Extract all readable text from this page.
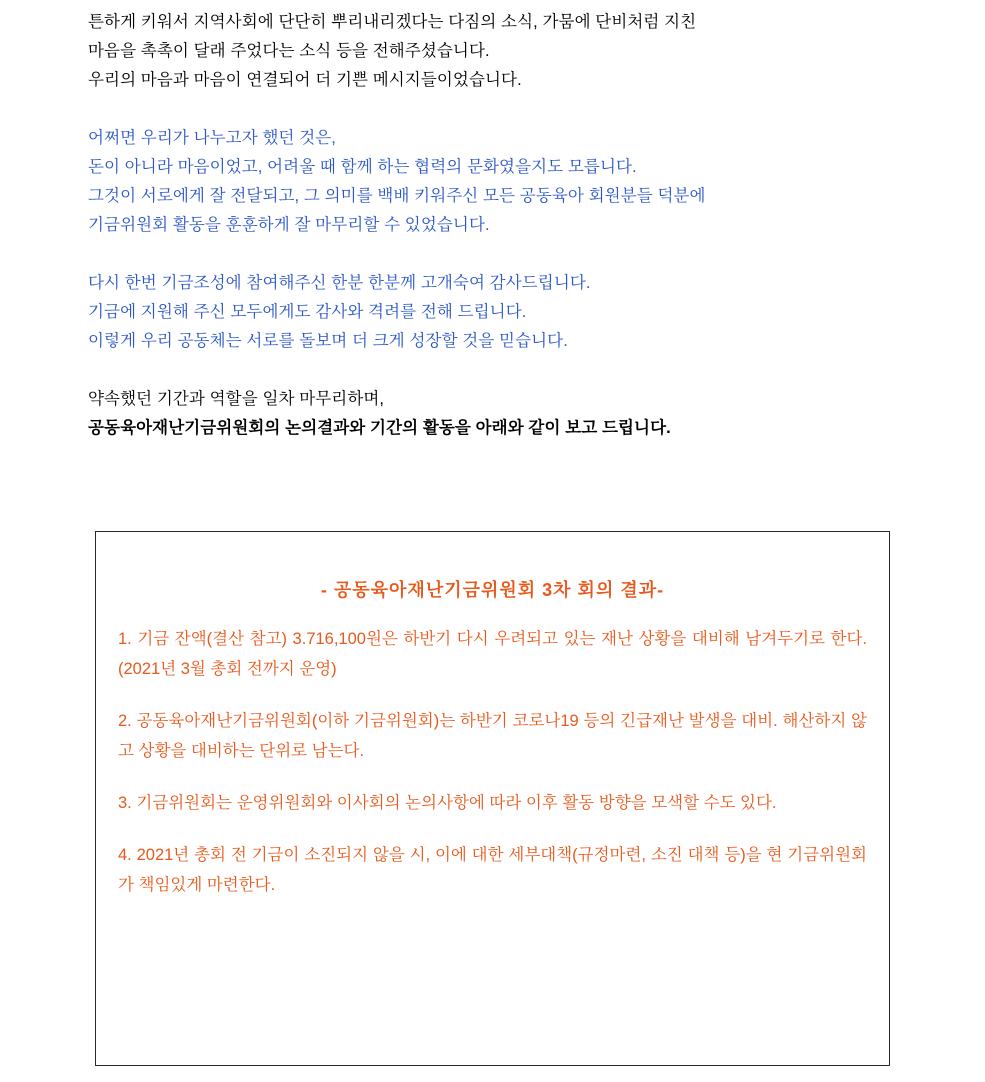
튼하게 키워서 지역사회에 단단히 뿌리내리겠다는 다짐의 소식, 가뭄에 단비처럼 지친

마음을 촉촉이 달래 주었다는 소식 등을 전해주셨습니다.

우리의 마음과 마음이 연결되어 더 기쁜 메시지들이었습니다.

어쩌면 우리가 나누고자 했던 것은,

돈이 아니라 마음이었고, 어려울 때 함께 하는 협력의 문화였을지도 모릅니다.

그것이 서로에게 잘 전달되고, 그 의미를 백배 키워주신 모든 공동육아 회원분들 덕분에

기금위원회 활동을 훈훈하게 잘 마무리할 수 있었습니다.

다시 한번 기금조성에 참여해주신 한분 한분께 고개숙여 감사드립니다.

기금에 지원해 주신 모두에게도 감사와 격려를 전해 드립니다.

이렇게 우리 공동체는 서로를 돌보며 더 크게 성장할 것을 믿습니다.

약속했던 기간과 역할을 일차 마무리하며,

공동육아재난기금위원회의 논의결과와 기간의 활동을 아래와 같이 보고 드립니다.

- 공동육아재난기금위원회 3차 회의 결과-
1. 기금 잔액(결산 참고) 3.716,100원은 하반기 다시 우려되고 있는 재난 상황을 대비해 남겨두기로 한다. (2021년 3월 총회 전까지 운영)
2. 공동육아재난기금위원회(이하 기금위원회)는 하반기 코로나19 등의 긴급재난 발생을 대비. 해산하지 않고 상황을 대비하는 단위로 남는다.
3. 기금위원회는 운영위원회와 이사회의 논의사항에 따라 이후 활동 방향을 모색할 수도 있다.
4. 2021년 총회 전 기금이 소진되지 않을 시, 이에 대한 세부대책(규정마련, 소진 대책 등)을 현 기금위원회가 책임있게 마련한다.
